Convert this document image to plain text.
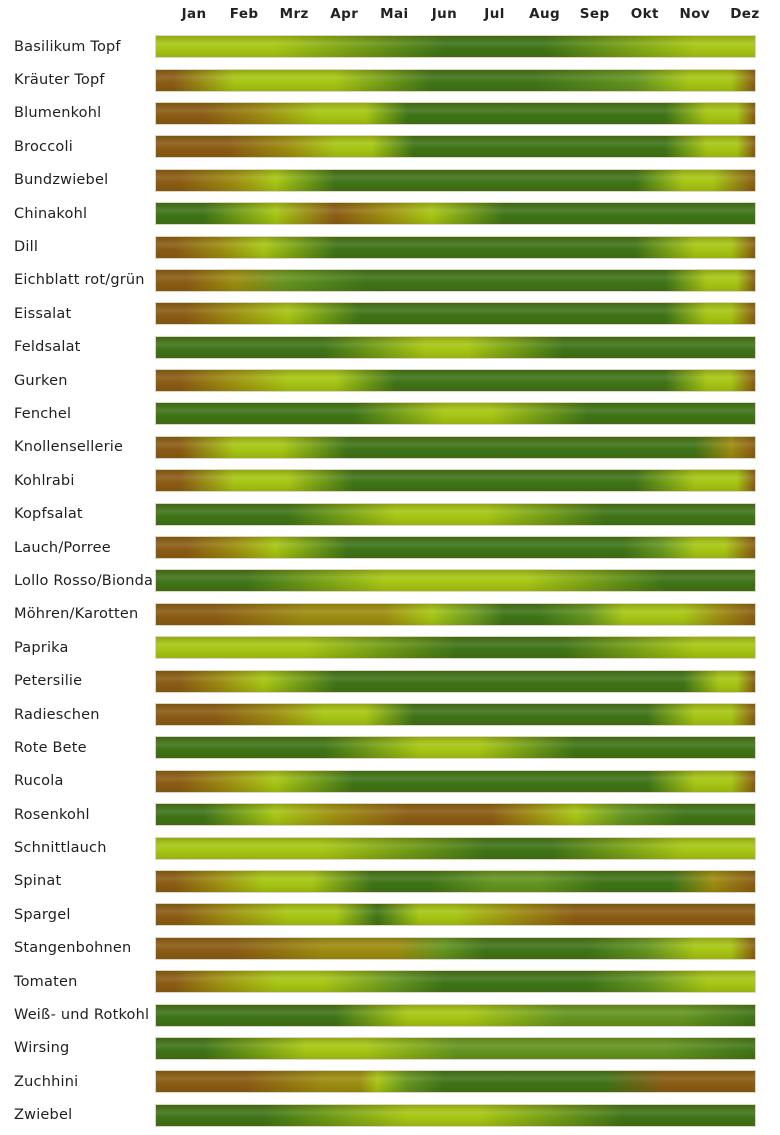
Jan	Feb	Mrz	Apr	Mai	Jun	Jul	Aug	Sep	Okt	Nov	Dez
Basilikum Topf
Kräuter Topf
Blumenkohl
Broccoli
Bundzwiebel
Chinakohl
Dill
Eichblatt rot/grün
Eissalat
Feldsalat
Gurken
Fenchel
Knollensellerie
Kohlrabi
Kopfsalat
Lauch/Porree
Lollo Rosso/Bionda
Möhren/Karotten
Paprika
Petersilie
Radieschen
Rote Bete
Rucola
Rosenkohl
Schnittlauch
Spinat
Spargel
Stangenbohnen
Tomaten
Weiß- und Rotkohl
Wirsing
Zuchhini
Zwiebel
